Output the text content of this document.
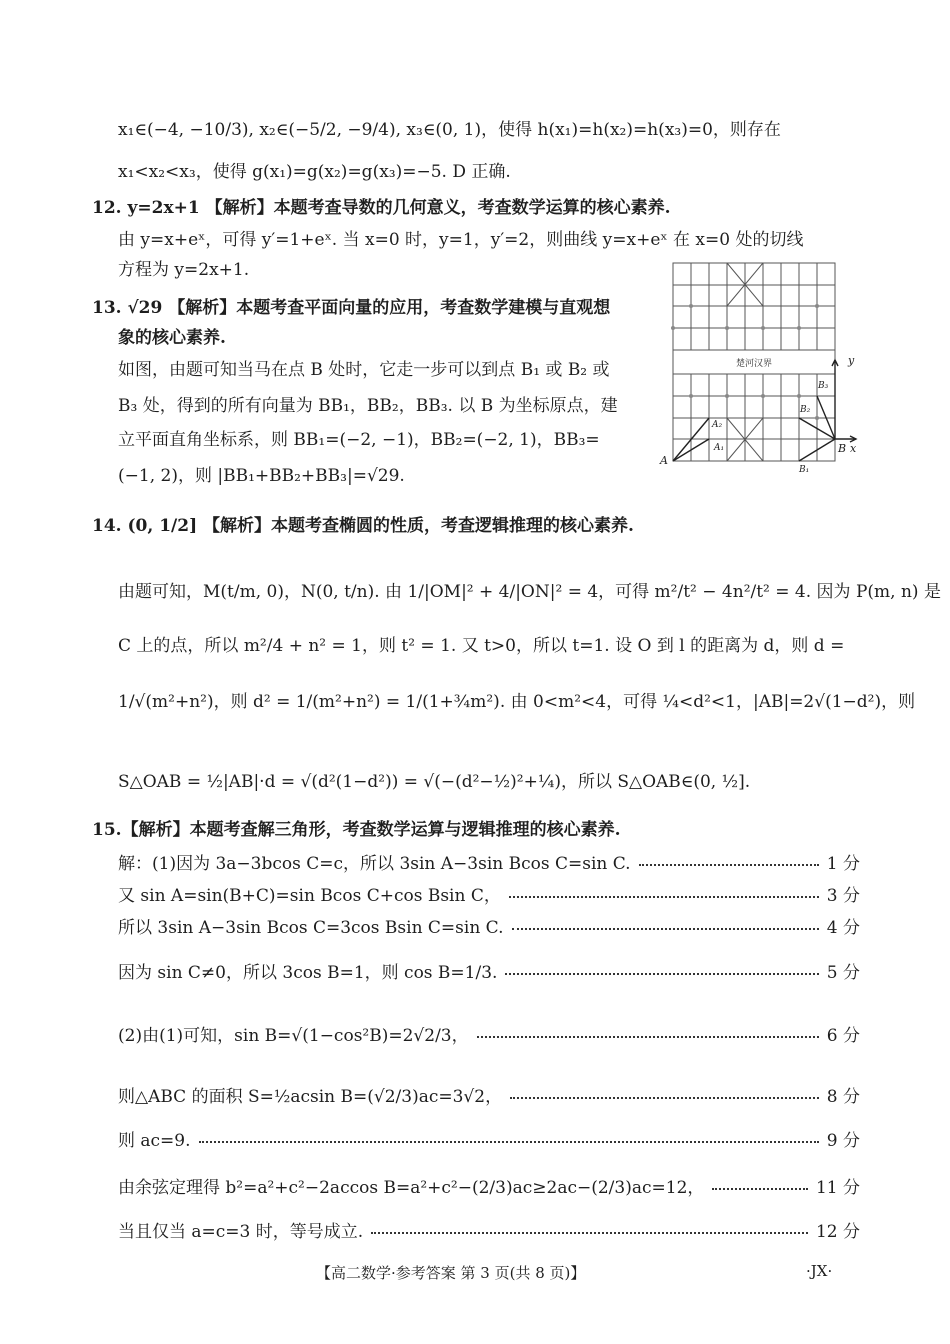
x₁∈(−4, −10/3), x₂∈(−5/2, −9/4), x₃∈(0, 1)，使得 h(x₁)=h(x₂)=h(x₃)=0，则存在
x₁<x₂<x₃，使得 g(x₁)=g(x₂)=g(x₃)=−5. D 正确.
12. y=2x+1 【解析】本题考查导数的几何意义，考查数学运算的核心素养.
由 y=x+eˣ，可得 y′=1+eˣ. 当 x=0 时，y=1，y′=2，则曲线 y=x+eˣ 在 x=0 处的切线
方程为 y=2x+1.
13. √29 【解析】本题考查平面向量的应用，考查数学建模与直观想
象的核心素养.
如图，由题可知当马在点 B 处时，它走一步可以到点 B₁ 或 B₂ 或
B₃ 处，得到的所有向量为 BB₁，BB₂，BB₃. 以 B 为坐标原点，建
立平面直角坐标系，则 BB₁=(−2, −1)，BB₂=(−2, 1)，BB₃=
(−1, 2)，则 |BB₁+BB₂+BB₃|=√29.
楚河汉界	y
x
B
B₁
B₂
B₃
A
A₁
A₂
14. (0, 1/2] 【解析】本题考查椭圆的性质，考查逻辑推理的核心素养.
由题可知，M(t/m, 0)，N(0, t/n). 由 1/|OM|² + 4/|ON|² = 4，可得 m²/t² − 4n²/t² = 4. 因为 P(m, n) 是
C 上的点，所以 m²/4 + n² = 1，则 t² = 1. 又 t>0，所以 t=1. 设 O 到 l 的距离为 d，则 d =
1/√(m²+n²)，则 d² = 1/(m²+n²) = 1/(1+¾m²). 由 0<m²<4，可得 ¼<d²<1，|AB|=2√(1−d²)，则
S△OAB = ½|AB|·d = √(d²(1−d²)) = √(−(d²−½)²+¼)，所以 S△OAB∈(0, ½].
15.【解析】本题考查解三角形，考查数学运算与逻辑推理的核心素养.
解：(1)因为 3a−3bcos C=c，所以 3sin A−3sin Bcos C=sin C.	1 分
又 sin A=sin(B+C)=sin Bcos C+cos Bsin C，	3 分
所以 3sin A−3sin Bcos C=3cos Bsin C=sin C.	4 分
因为 sin C≠0，所以 3cos B=1，则 cos B=1/3.	5 分
(2)由(1)可知，sin B=√(1−cos²B)=2√2/3，	6 分
则△ABC 的面积 S=½acsin B=(√2/3)ac=3√2，	8 分
则 ac=9.	9 分
由余弦定理得 b²=a²+c²−2accos B=a²+c²−(2/3)ac≥2ac−(2/3)ac=12，	11 分
当且仅当 a=c=3 时，等号成立.	12 分
【高二数学·参考答案 第 3 页(共 8 页)】	·JX·
